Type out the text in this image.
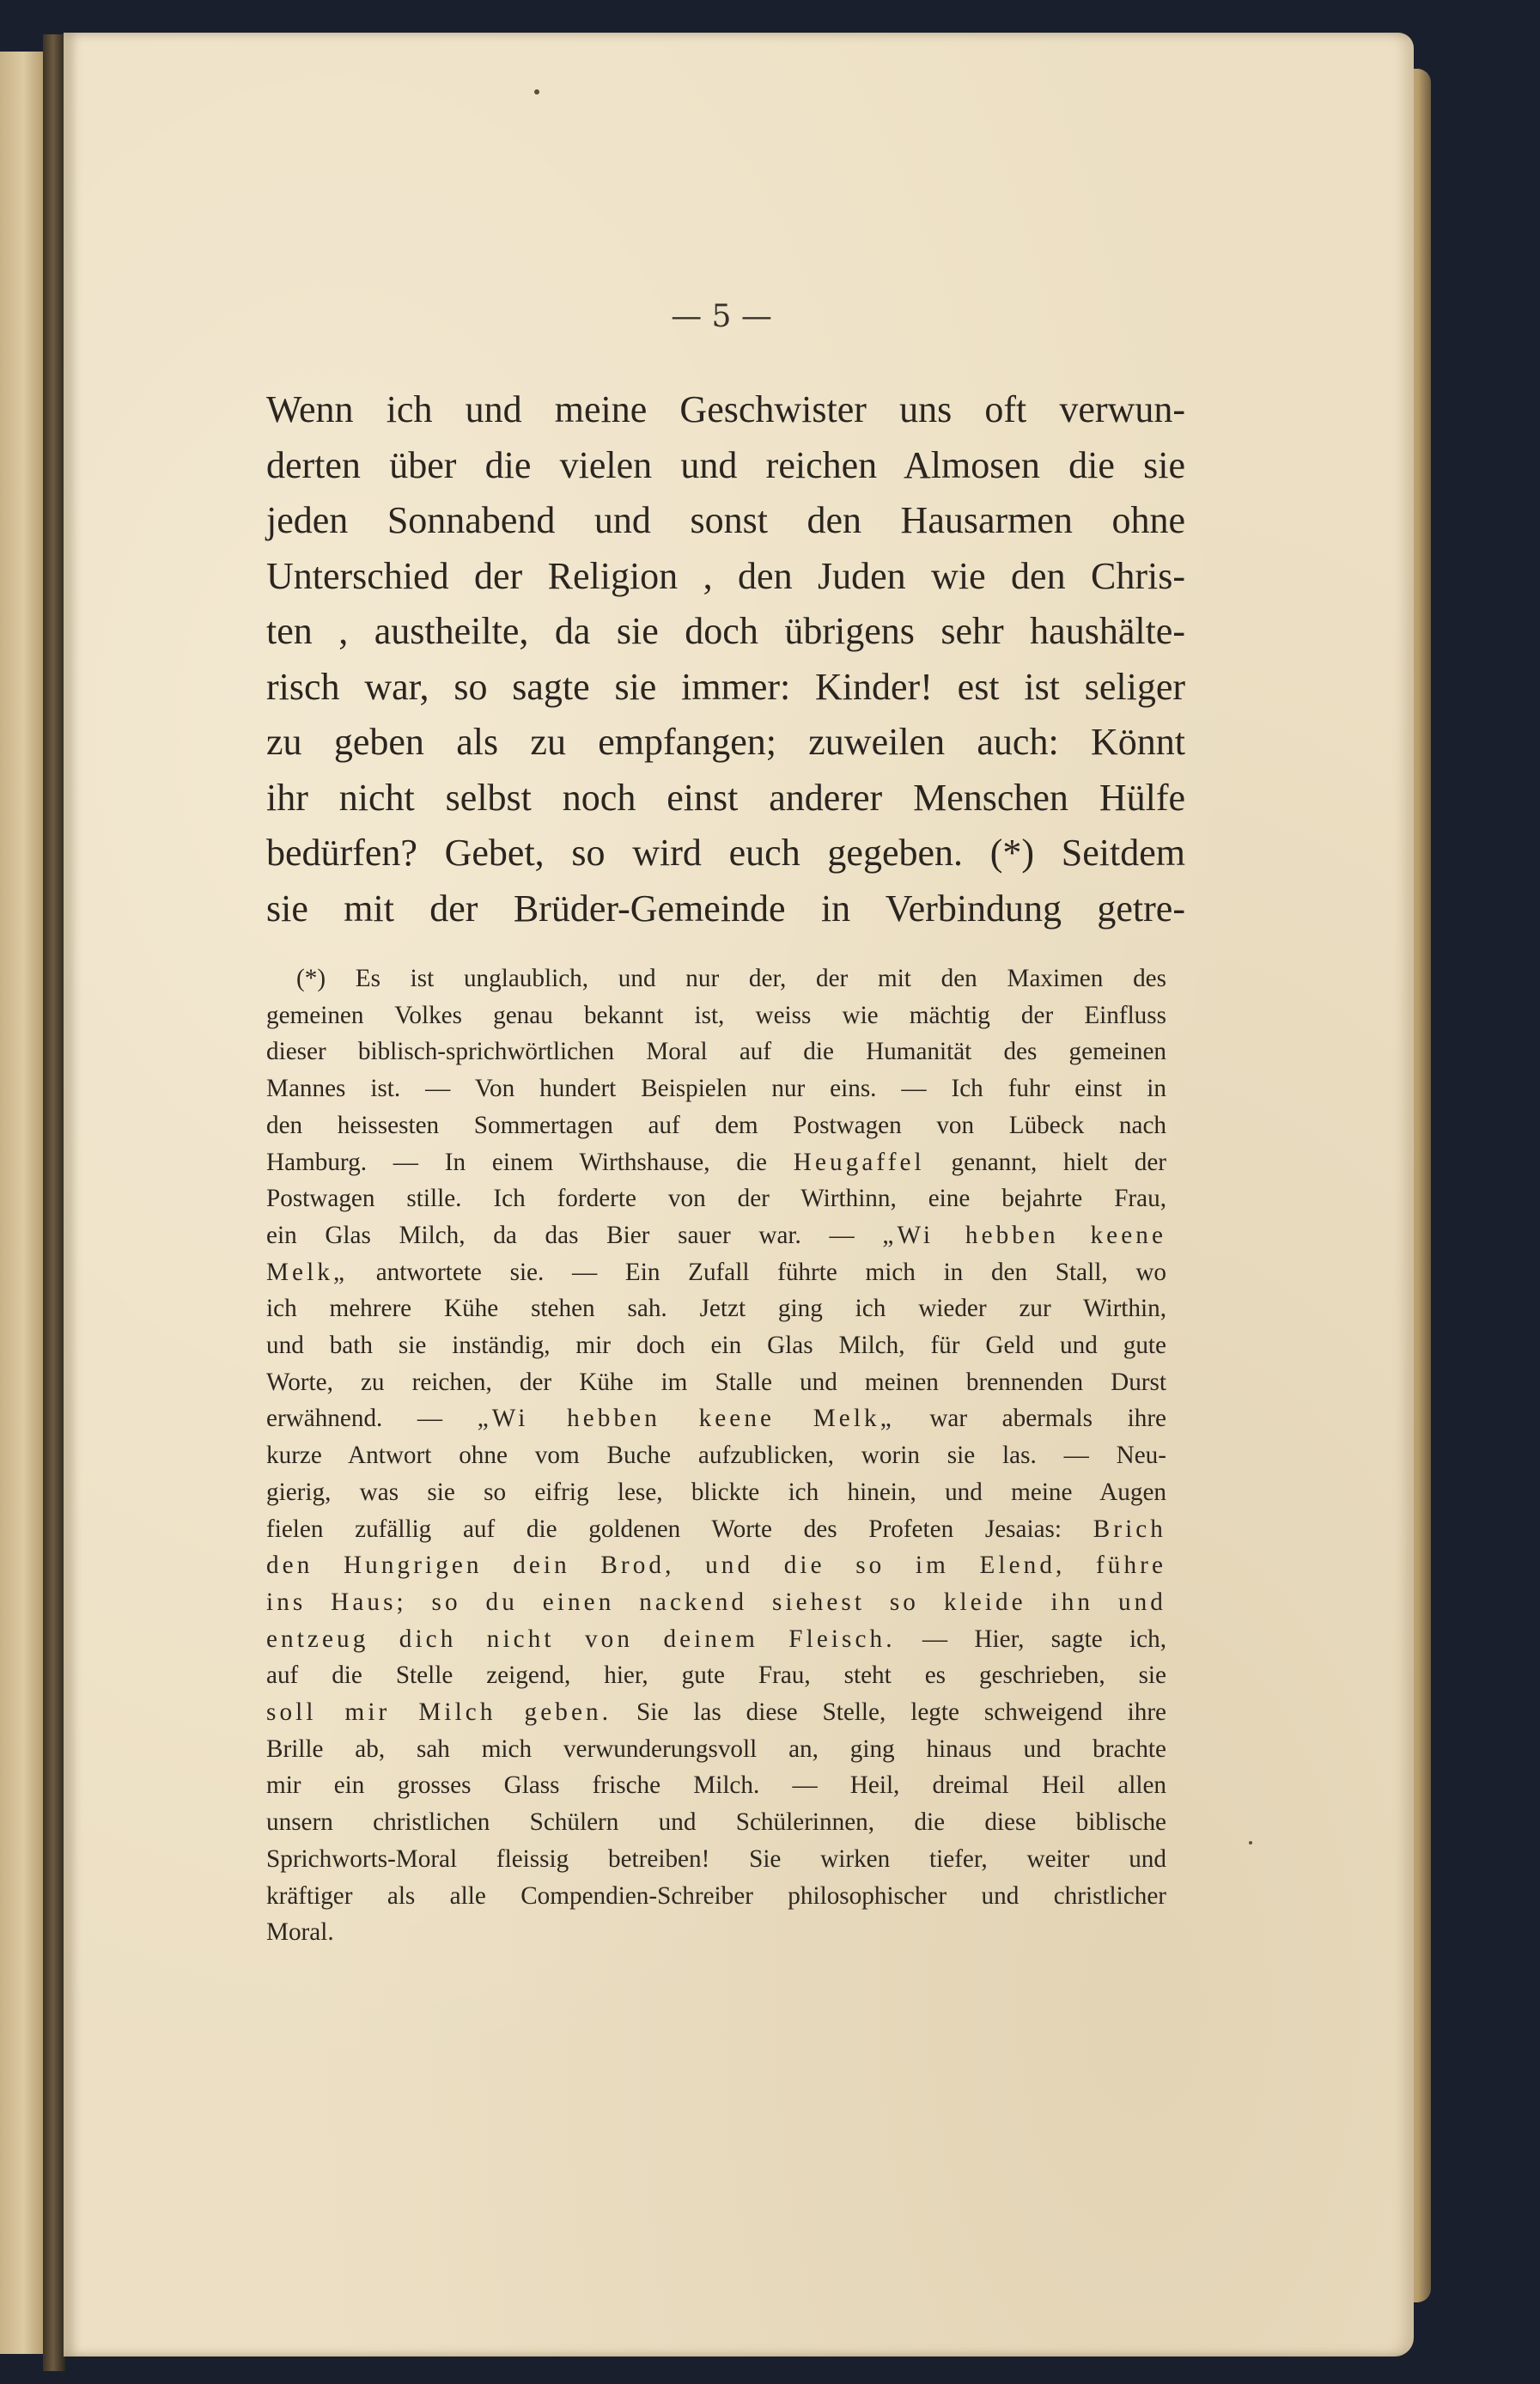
— 5 —
Wenn ich und meine Geschwister uns oft verwun-
derten über die vielen und reichen Almosen die sie
jeden Sonnabend und sonst den Hausarmen ohne
Unterschied der Religion , den Juden wie den Chris-
ten , austheilte, da sie doch übrigens sehr haushälte-
risch war, so sagte sie immer: Kinder! est ist seliger
zu geben als zu empfangen; zuweilen auch: Könnt
ihr nicht selbst noch einst anderer Menschen Hülfe
bedürfen? Gebet, so wird euch gegeben. (*) Seitdem
sie mit der Brüder-Gemeinde in Verbindung getre-
(*) Es ist unglaublich, und nur der, der mit den Maximen des
gemeinen Volkes genau bekannt ist, weiss wie mächtig der Einfluss
dieser biblisch-sprichwörtlichen Moral auf die Humanität des gemeinen
Mannes ist. — Von hundert Beispielen nur eins. — Ich fuhr einst in
den heissesten Sommertagen auf dem Postwagen von Lübeck nach
Hamburg. — In einem Wirthshause, die Heugaffel genannt, hielt der
Postwagen stille. Ich forderte von der Wirthinn, eine bejahrte Frau,
ein Glas Milch, da das Bier sauer war. — „Wi hebben keene
Melk„ antwortete sie. — Ein Zufall führte mich in den Stall, wo
ich mehrere Kühe stehen sah. Jetzt ging ich wieder zur Wirthin,
und bath sie inständig, mir doch ein Glas Milch, für Geld und gute
Worte, zu reichen, der Kühe im Stalle und meinen brennenden Durst
erwähnend. — „Wi hebben keene Melk„ war abermals ihre
kurze Antwort ohne vom Buche aufzublicken, worin sie las. — Neu-
gierig, was sie so eifrig lese, blickte ich hinein, und meine Augen
fielen zufällig auf die goldenen Worte des Profeten Jesaias: Brich
den Hungrigen dein Brod, und die so im Elend, führe
ins Haus; so du einen nackend siehest so kleide ihn und
entzeug dich nicht von deinem Fleisch. — Hier, sagte ich,
auf die Stelle zeigend, hier, gute Frau, steht es geschrieben, sie
soll mir Milch geben. Sie las diese Stelle, legte schweigend ihre
Brille ab, sah mich verwunderungsvoll an, ging hinaus und brachte
mir ein grosses Glass frische Milch. — Heil, dreimal Heil allen
unsern christlichen Schülern und Schülerinnen, die diese biblische
Sprichworts-Moral fleissig betreiben! Sie wirken tiefer, weiter und
kräftiger als alle Compendien-Schreiber philosophischer und christlicher
Moral.
